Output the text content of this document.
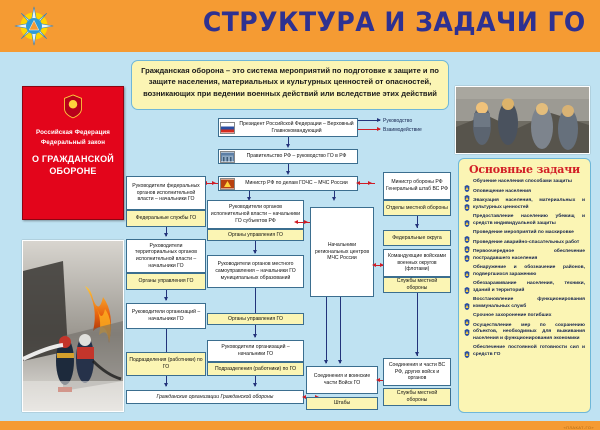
СТРУКТУРА И ЗАДАЧИ ГО
Российская Федерация
Федеральный закон
О ГРАЖДАНСКОЙ ОБОРОНЕ
Гражданская оборона – это система мероприятий по подготовке к защите и по защите населения, материальных и культурных ценностей от опасностей, возникающих при ведении военных действий или вследствие этих действий
Руководство
Взаимодействие
Президент Российской Федерации – Верховный Главнокомандующий
Правительство РФ – руководство ГО в РФ
Министр РФ по делам ГОЧС – МЧС России
Руководители федеральных органов исполнительной власти – начальники ГО
Федеральные службы ГО
Руководители территориальных органов исполнительной власти – начальники ГО
Органы управления ГО
Руководители организаций – начальники ГО
Подразделения (работники) по ГО
Руководители органов исполнительной власти – начальники ГО субъектов РФ
Органы управления ГО
Руководители органов местного самоуправления – начальники ГО муниципальных образований
Органы управления ГО
Руководители организаций – начальники ГО
Подразделения (работники) по ГО
Гражданские организации Гражданской обороны
Начальники региональных центров МЧС России
Соединения и воинские части Войск ГО
Штабы
Министр обороны РФ Генеральный штаб ВС РФ
Отделы местной обороны
Федеральные округа
Командующие войсками военных округов (флотами)
Службы местной обороны
Соединения и части ВС РФ, других войск и органов
Службы местной обороны
Основные задачи
Обучение населения способами защиты
Оповещение населения
Эвакуация населения, материальных и культурных ценностей
Предоставление населению убежищ и средств индивидуальной защиты
Проведение мероприятий по маскировке
Проведение аварийно-спасательных работ
Первоочередное обеспечение пострадавшего населения
Обнаружение и обозначение районов, подвергшихся заражению
Обеззараживание населения, техники, зданий и территорий
Восстановление функционирования коммунальных служб
Срочное захоронение погибших
Осуществление мер по сохранению объектов, необходимых для выживания населения и функционирования экономики
Обеспечение постоянной готовности сил и средств ГО
«ПЛАКАТ-ГО»
